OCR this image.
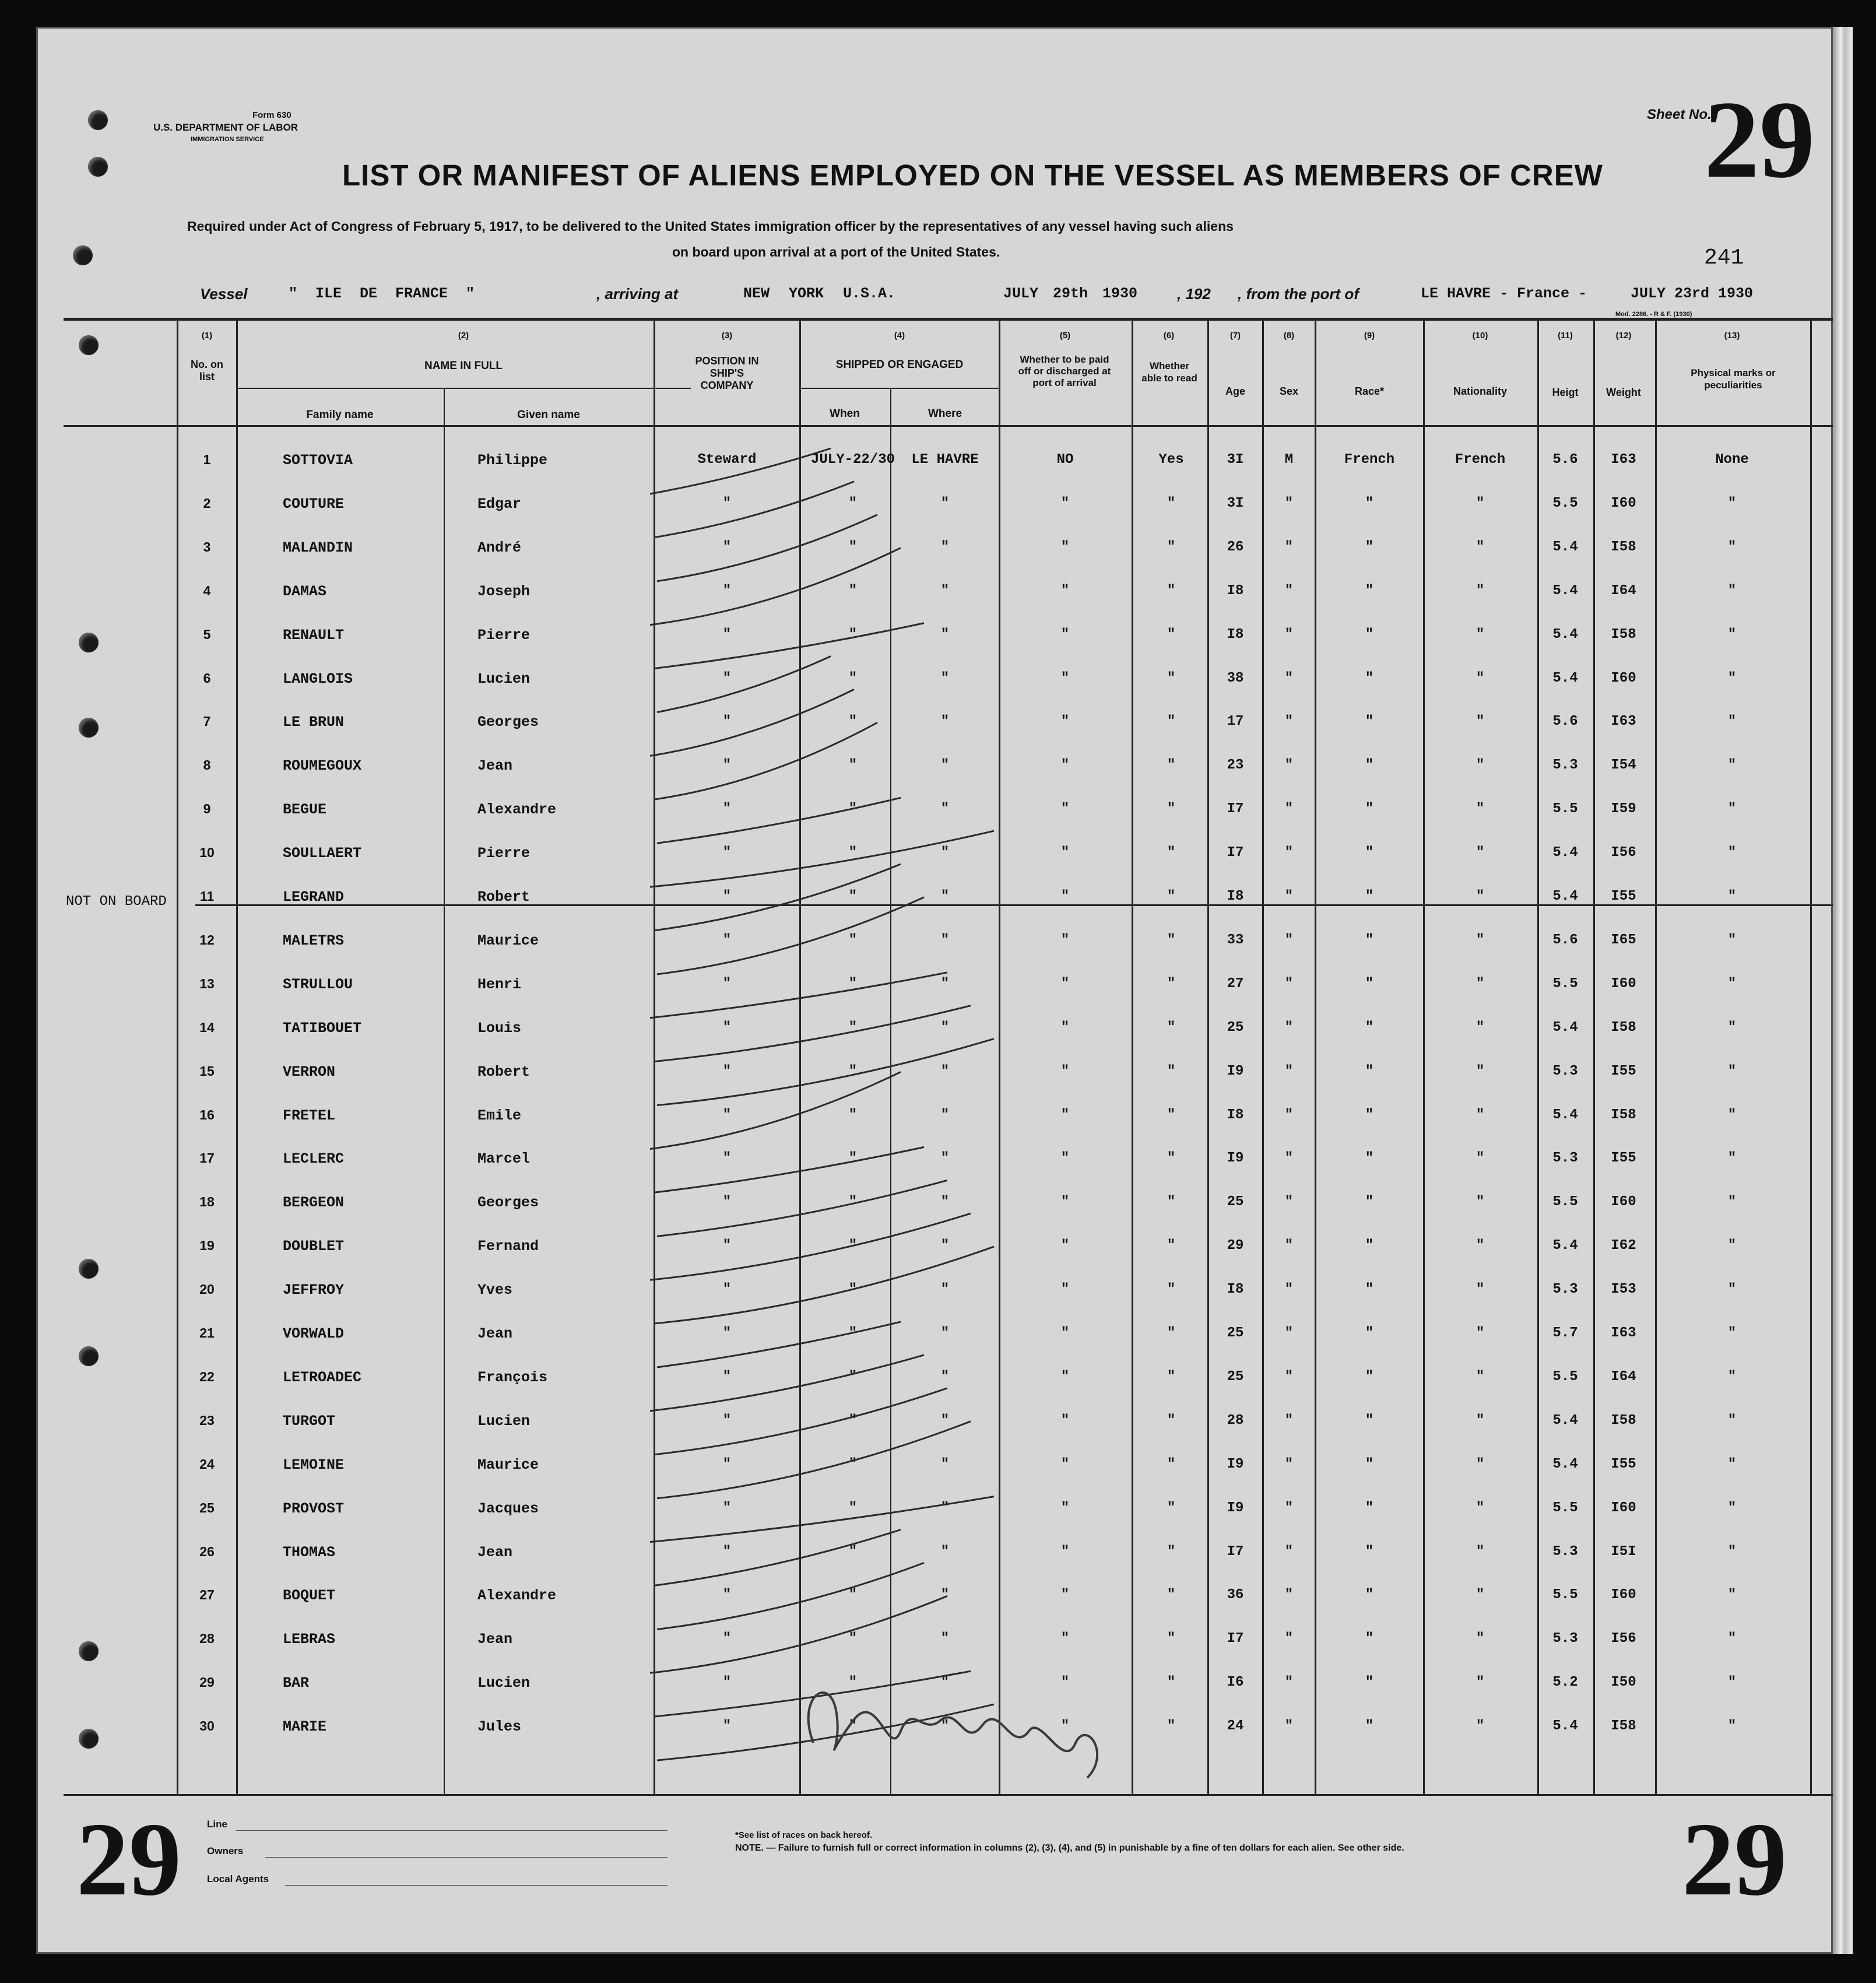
Form 630
U.S. DEPARTMENT OF LABOR
IMMIGRATION SERVICE
LIST OR MANIFEST OF ALIENS EMPLOYED ON THE VESSEL AS MEMBERS OF CREW
Sheet No.
29
Required under Act of Congress of February 5, 1917, to be delivered to the United States immigration officer by the representatives of any vessel having such aliens
on board upon arrival at a port of the United States.	241
Vessel	" ILE DE FRANCE "	, arriving at	NEW YORK U.S.A.	JULY 29th 1930	, 192 , from the port of	LE HAVRE - France -	JULY 23rd 1930
Mod. 2286. - R & F. (1930)
(1)
No. on list
(2)
NAME IN FULL
Family name	Given name
(3)
POSITION IN SHIP'S COMPANY
(4)
SHIPPED OR ENGAGED
When	Where
(5)
Whether to be paid off or discharged at port of arrival
(6)
Whether able to read
(7)
Age
(8)
Sex
(9)
Race*
(10)
Nationality
(11)
Heigt
(12)
Weight
(13)
Physical marks or peculiarities
NOT ON BOARD
1	SOTTOVIA	Philippe	Steward	JULY-22/30 LE HAVRE	NO	Yes	3I	M	French	French	5.6 I63	None
2	COUTURE	Edgar	"	"	"	"	"	3I	"	"	"	5.5 I60	"
3	MALANDIN	André	"	"	"	"	"	26	"	"	"	5.4 I58	"
4	DAMAS	Joseph	"	"	"	"	"	I8	"	"	"	5.4 I64	"
5	RENAULT	Pierre	"	"	"	"	"	I8	"	"	"	5.4 I58	"
6	LANGLOIS	Lucien	"	"	"	"	"	38	"	"	"	5.4 I60	"
7	LE BRUN	Georges	"	"	"	"	"	17	"	"	"	5.6 I63	"
8	ROUMEGOUX	Jean	"	"	"	"	"	23	"	"	"	5.3 I54	"
9	BEGUE	Alexandre	"	"	"	"	"	I7	"	"	"	5.5 I59	"
10	SOULLAERT	Pierre	"	"	"	"	"	I7	"	"	"	5.4 I56	"
11	LEGRAND	Robert	"	"	"	"	"	I8	"	"	"	5.4 I55	"
12	MALETRS	Maurice	"	"	"	"	"	33	"	"	"	5.6 I65	"
13	STRULLOU	Henri	"	"	"	"	"	27	"	"	"	5.5 I60	"
14	TATIBOUET	Louis	"	"	"	"	"	25	"	"	"	5.4 I58	"
15	VERRON	Robert	"	"	"	"	"	I9	"	"	"	5.3 I55	"
16	FRETEL	Emile	"	"	"	"	"	I8	"	"	"	5.4 I58	"
17	LECLERC	Marcel	"	"	"	"	"	I9	"	"	"	5.3 I55	"
18	BERGEON	Georges	"	"	"	"	"	25	"	"	"	5.5 I60	"
19	DOUBLET	Fernand	"	"	"	"	"	29	"	"	"	5.4 I62	"
20	JEFFROY	Yves	"	"	"	"	"	I8	"	"	"	5.3 I53	"
21	VORWALD	Jean	"	"	"	"	"	25	"	"	"	5.7 I63	"
22	LETROADEC	François	"	"	"	"	"	25	"	"	"	5.5 I64	"
23	TURGOT	Lucien	"	"	"	"	"	28	"	"	"	5.4 I58	"
24	LEMOINE	Maurice	"	"	"	"	"	I9	"	"	"	5.4 I55	"
25	PROVOST	Jacques	"	"	"	"	"	I9	"	"	"	5.5 I60	"
26	THOMAS	Jean	"	"	"	"	"	I7	"	"	"	5.3 I5I	"
27	BOQUET	Alexandre	"	"	"	"	"	36	"	"	"	5.5 I60	"
28	LEBRAS	Jean	"	"	"	"	"	I7	"	"	"	5.3 I56	"
29	BAR	Lucien	"	"	"	"	"	I6	"	"	"	5.2 I50	"
30	MARIE	Jules	"	"	"	"	"	24	"	"	"	5.4 I58	"
29	29
Line
Owners
Local Agents
*See list of races on back hereof.
NOTE. — Failure to furnish full or correct information in columns (2), (3), (4), and (5) in punishable by a fine of ten dollars for each alien. See other side.
